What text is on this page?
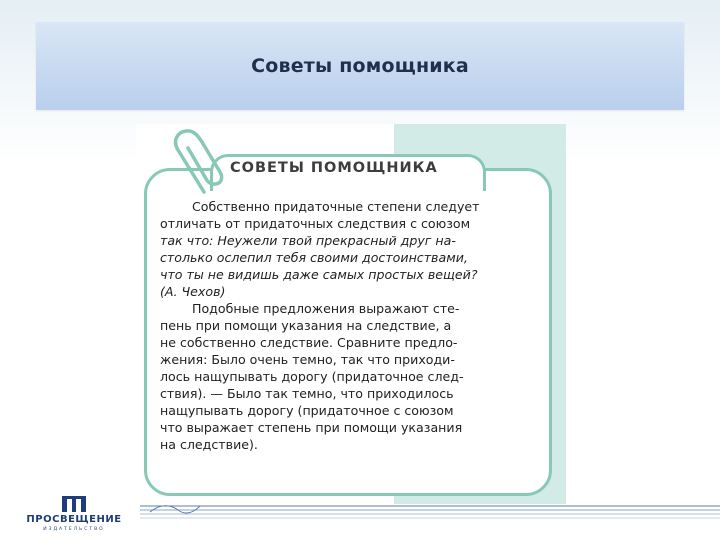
Советы помощника
СОВЕТЫ ПОМОЩНИКА
Собственно придаточные степени следует
отличать от придаточных следствия с союзом
так что: Неужели твой прекрасный друг на-
столько ослепил тебя своими достоинствами,
что ты не видишь даже самых простых вещей?
(А. Чехов)
Подобные предложения выражают сте-
пень при помощи указания на следствие, а
не собственно следствие. Сравните предло-
жения: Было очень темно, так что приходи-
лось нащупывать дорогу (придаточное след-
ствия). — Было так темно, что приходилось
нащупывать дорогу (придаточное с союзом
что выражает степень при помощи указания
на следствие).
ПРОСВЕЩЕНИЕ
ИЗДАТЕЛЬСТВО
